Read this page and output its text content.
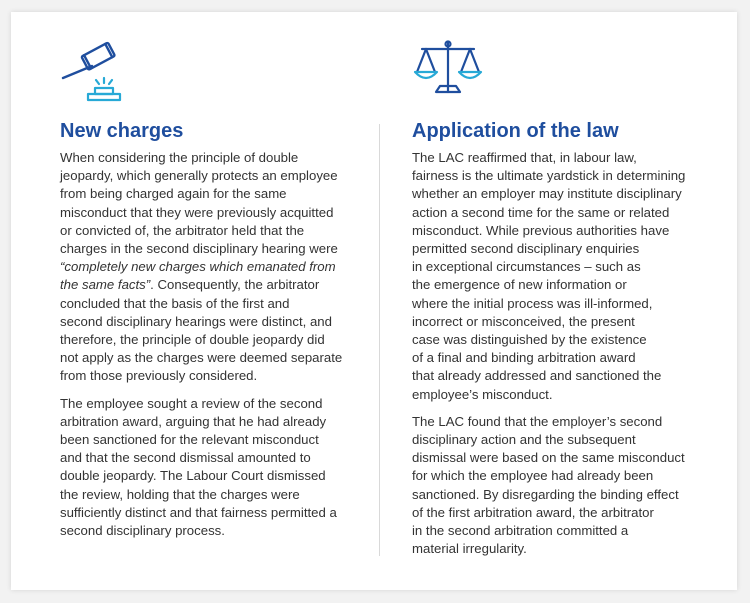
New charges

When considering the principle of double
jeopardy, which generally protects an employee
from being charged again for the same
misconduct that they were previously acquitted
or convicted of, the arbitrator held that the
charges in the second disciplinary hearing were
“completely new charges which emanated from
the same facts”. Consequently, the arbitrator
concluded that the basis of the first and
second disciplinary hearings were distinct, and
therefore, the principle of double jeopardy did
not apply as the charges were deemed separate
from those previously considered.

The employee sought a review of the second
arbitration award, arguing that he had already
been sanctioned for the relevant misconduct
and that the second dismissal amounted to
double jeopardy. The Labour Court dismissed
the review, holding that the charges were
sufficiently distinct and that fairness permitted a
second disciplinary process.

Application of the law

The LAC reaffirmed that, in labour law,
fairness is the ultimate yardstick in determining
whether an employer may institute disciplinary
action a second time for the same or related
misconduct. While previous authorities have
permitted second disciplinary enquiries
in exceptional circumstances – such as
the emergence of new information or
where the initial process was ill-informed,
incorrect or misconceived, the present
case was distinguished by the existence
of a final and binding arbitration award
that already addressed and sanctioned the
employee’s misconduct.

The LAC found that the employer’s second
disciplinary action and the subsequent
dismissal were based on the same misconduct
for which the employee had already been
sanctioned. By disregarding the binding effect
of the first arbitration award, the arbitrator
in the second arbitration committed a
material irregularity.
